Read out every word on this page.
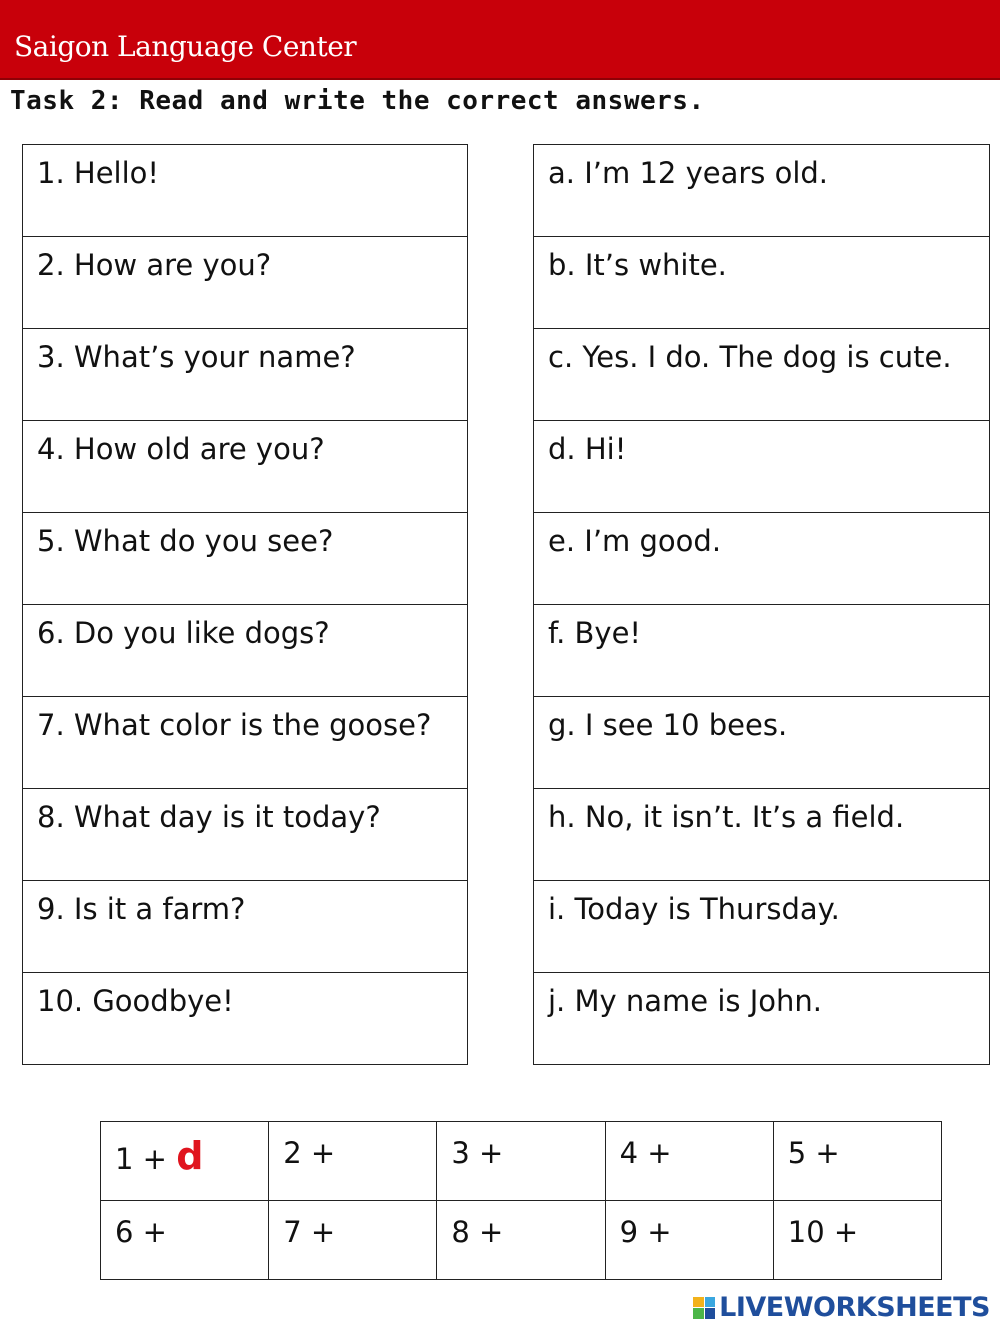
Saigon Language Center
Task 2: Read and write the correct answers.
1. Hello!
2. How are you?
3. What’s your name?
4. How old are you?
5. What do you see?
6. Do you like dogs?
7. What color is the goose?
8. What day is it today?
9. Is it a farm?
10. Goodbye!
a. I’m 12 years old.
b. It’s white.
c. Yes. I do. The dog is cute.
d. Hi!
e. I’m good.
f. Bye!
g. I see 10 bees.
h. No, it isn’t. It’s a field.
i. Today is Thursday.
j. My name is John.
1 + d	2 +	3 +	4 +	5 +
6 +	7 +	8 +	9 +	10 +
LIVEWORKSHEETS
